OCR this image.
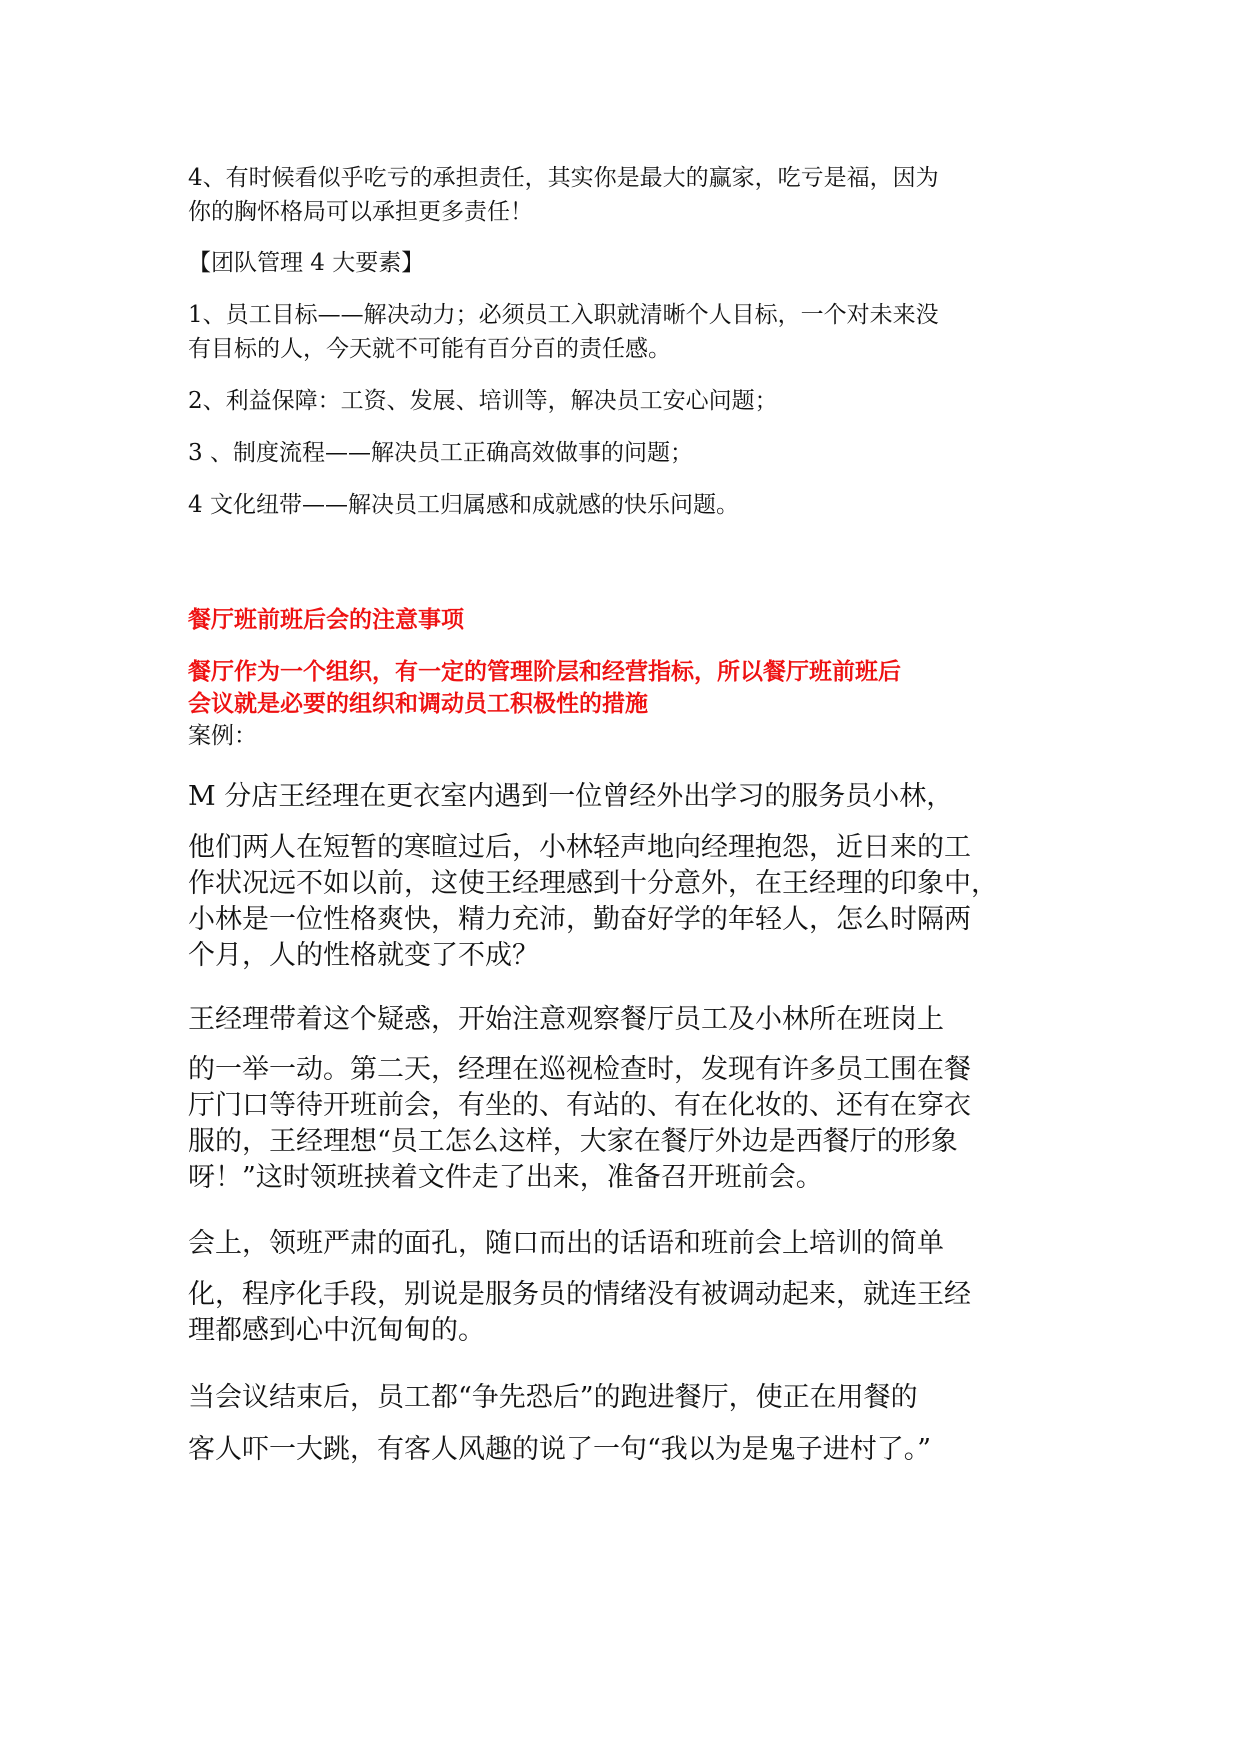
4、有时候看似乎吃亏的承担责任，其实你是最大的赢家，吃亏是福，因为

你的胸怀格局可以承担更多责任！

【团队管理 4 大要素】

1、员工目标——解决动力；必须员工入职就清晰个人目标，一个对未来没

有目标的人，今天就不可能有百分百的责任感。

2、利益保障：工资、发展、培训等，解决员工安心问题；

3 、制度流程——解决员工正确高效做事的问题；

4 文化纽带——解决员工归属感和成就感的快乐问题。

餐厅班前班后会的注意事项

餐厅作为一个组织，有一定的管理阶层和经营指标，所以餐厅班前班后

会议就是必要的组织和调动员工积极性的措施

案例：

M 分店王经理在更衣室内遇到一位曾经外出学习的服务员小林，

他们两人在短暂的寒暄过后，小林轻声地向经理抱怨，近日来的工

作状况远不如以前，这使王经理感到十分意外，在王经理的印象中，

小林是一位性格爽快，精力充沛，勤奋好学的年轻人，怎么时隔两

个月，人的性格就变了不成？

王经理带着这个疑惑，开始注意观察餐厅员工及小林所在班岗上

的一举一动。第二天，经理在巡视检查时，发现有许多员工围在餐

厅门口等待开班前会，有坐的、有站的、有在化妆的、还有在穿衣

服的，王经理想“员工怎么这样，大家在餐厅外边是西餐厅的形象

呀！”这时领班挟着文件走了出来，准备召开班前会。

会上，领班严肃的面孔，随口而出的话语和班前会上培训的简单

化，程序化手段，别说是服务员的情绪没有被调动起来，就连王经

理都感到心中沉甸甸的。

当会议结束后，员工都“争先恐后”的跑进餐厅，使正在用餐的

客人吓一大跳，有客人风趣的说了一句“我以为是鬼子进村了。”
